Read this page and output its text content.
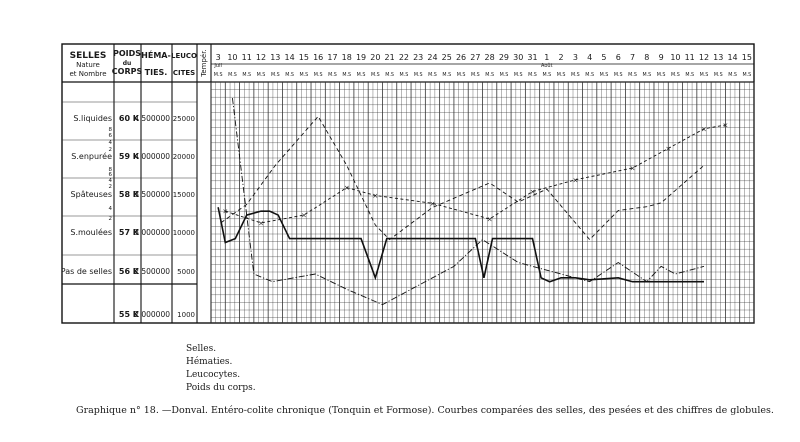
SELLES
Nature
et Nombre
POIDS
du
CORPS
HÉMA-
TIES.
LEUCO
CITES Tempér.
S.liquides
S.enpurée
Spâteuses
S.moulées
Pas de selles
60 K
59 K
58 K
57 K
56 K
55 K
4 500000
4 000000
3 500000
3 000000
2 500000
2 000000
25000
20000
15000
10000
5000
1000
8
6
4
2
8
6
4
2
4
2
3
M.S
10
M.S
11
M.S
12
M.S
13
M.S
14
M.S
15
M.S
16
M.S
17
M.S
18
M.S
19
M.S
20
M.S
21
M.S
22
M.S
23
M.S
24
M.S
25
M.S
26
M.S
27
M.S
28
M.S
29
M.S
30
M.S
31
M.S
1
M.S
2
M.S
3
M.S
4
M.S
5
M.S
6
M.S
7
M.S
8
M.S
9
M.S
10
M.S
11
M.S
12
M.S
13
M.S
14
M.S
15
M.S
Juil	Août
×
×
×
×
×
×
×
×
×
×
×
× ×
Selles.
Hématies.
Leucocytes.
Poids du corps.
Graphique n° 18. —Donval. Entéro-colite chronique (Tonquin et Formose). Courbes comparées des selles, des pesées et des chiffres de globules.
